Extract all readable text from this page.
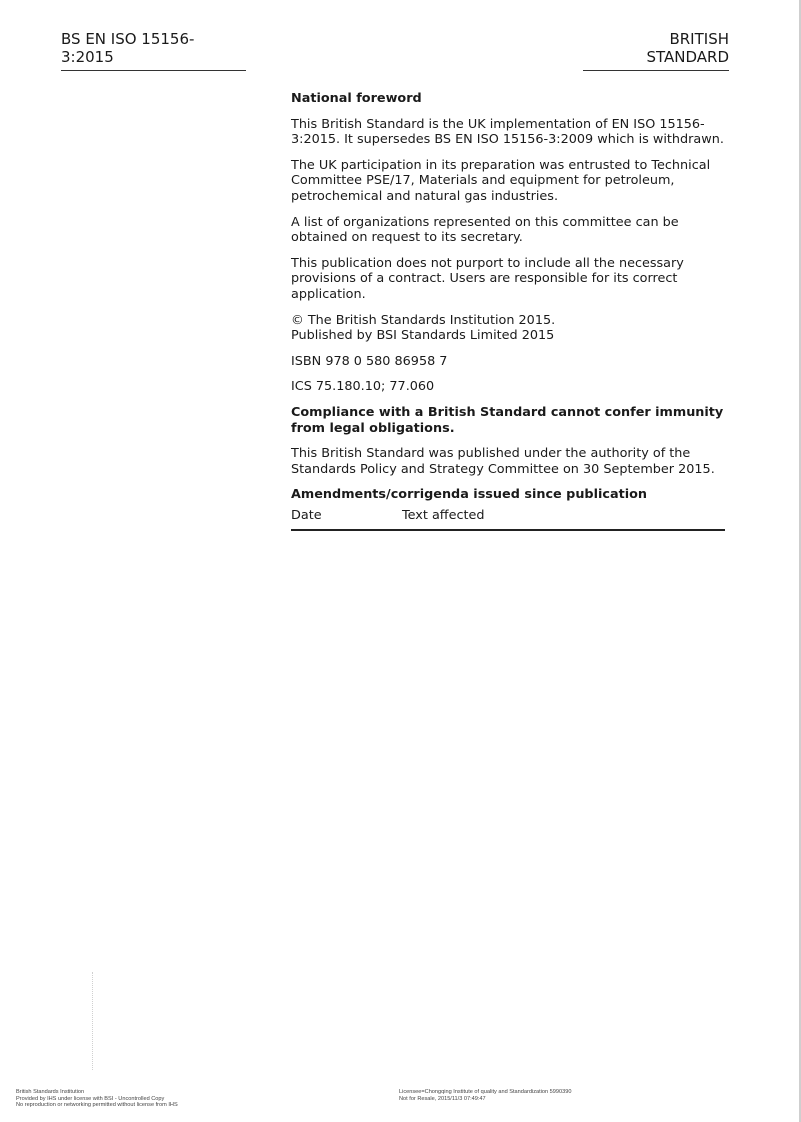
BS EN ISO 15156-3:2015
BRITISH STANDARD
National foreword

This British Standard is the UK implementation of EN ISO 15156-3:2015. It supersedes BS EN ISO 15156-3:2009 which is withdrawn.

The UK participation in its preparation was entrusted to Technical Committee PSE/17, Materials and equipment for petroleum, petrochemical and natural gas industries.

A list of organizations represented on this committee can be obtained on request to its secretary.

This publication does not purport to include all the necessary provisions of a contract. Users are responsible for its correct application.

© The British Standards Institution 2015.
Published by BSI Standards Limited 2015

ISBN 978 0 580 86958 7

ICS 75.180.10; 77.060

Compliance with a British Standard cannot confer immunity from legal obligations.

This British Standard was published under the authority of the Standards Policy and Strategy Committee on 30 September 2015.

Amendments/corrigenda issued since publication
Date	Text affected
British Standards Institution
Provided by IHS under license with BSI - Uncontrolled Copy
No reproduction or networking permitted without license from IHS
Licensee=Chongqing Institute of quality and Standardization 5990390
Not for Resale, 2015/11/3 07:49:47
